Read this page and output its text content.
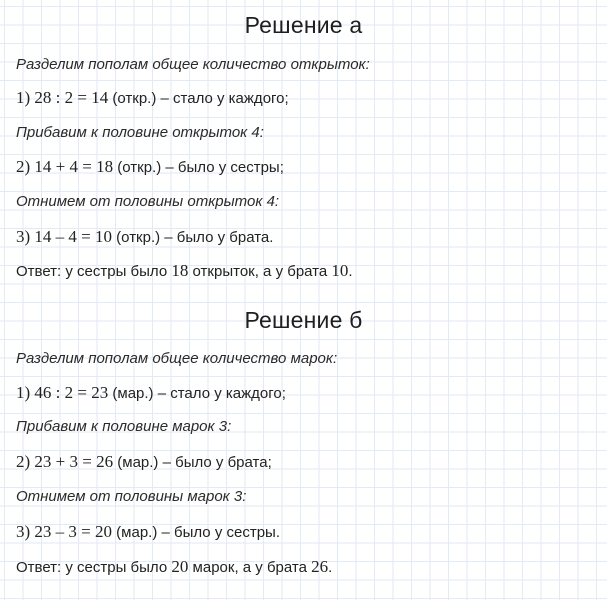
Решение а
Разделим пополам общее количество открыток:
1) 28 : 2 = 14 (откр.) – стало у каждого;
Прибавим к половине открыток 4:
2) 14 + 4 = 18 (откр.) – было у сестры;
Отнимем от половины открыток 4:
3) 14 – 4 = 10 (откр.) – было у брата.
Ответ: у сестры было 18 открыток, а у брата 10.
Решение б
Разделим пополам общее количество марок:
1) 46 : 2 = 23 (мар.) – стало у каждого;
Прибавим к половине марок 3:
2) 23 + 3 = 26 (мар.) – было у брата;
Отнимем от половины марок 3:
3) 23 – 3 = 20 (мар.) – было у сестры.
Ответ: у сестры было 20 марок, а у брата 26.
